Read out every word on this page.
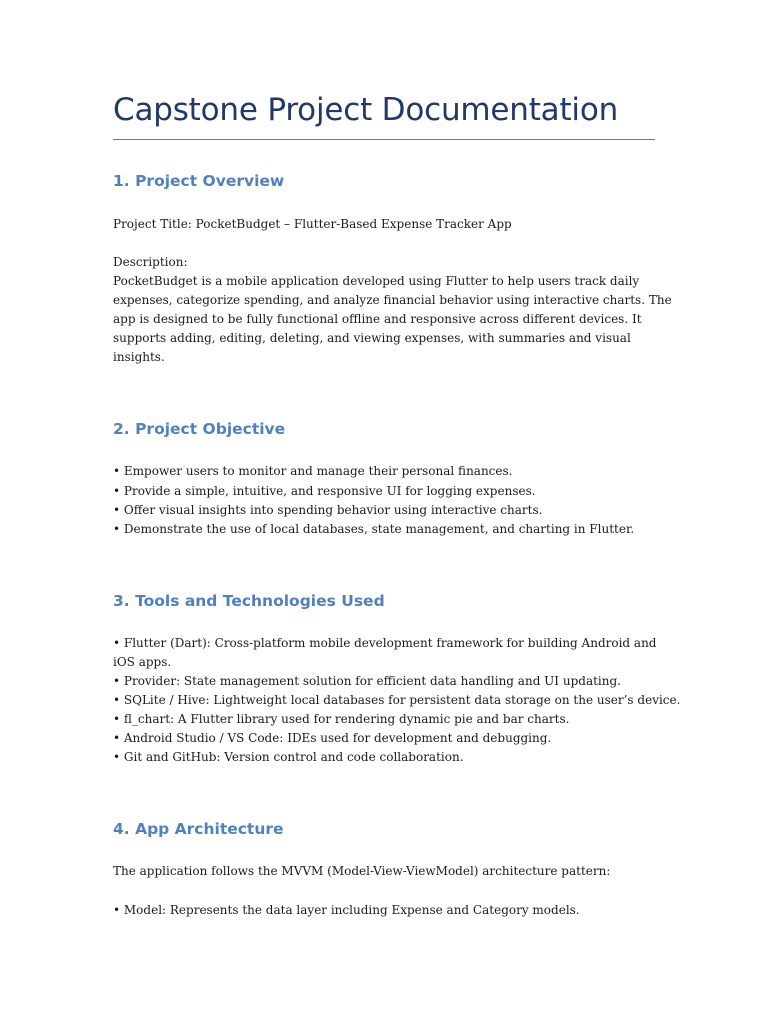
Capstone Project Documentation
1. Project Overview

Project Title: PocketBudget – Flutter-Based Expense Tracker App

Description:

PocketBudget is a mobile application developed using Flutter to help users track daily

expenses, categorize spending, and analyze financial behavior using interactive charts. The

app is designed to be fully functional offline and responsive across different devices. It

supports adding, editing, deleting, and viewing expenses, with summaries and visual

insights.

2. Project Objective

• Empower users to monitor and manage their personal finances.

• Provide a simple, intuitive, and responsive UI for logging expenses.

• Offer visual insights into spending behavior using interactive charts.

• Demonstrate the use of local databases, state management, and charting in Flutter.

3. Tools and Technologies Used

• Flutter (Dart): Cross-platform mobile development framework for building Android and

iOS apps.

• Provider: State management solution for efficient data handling and UI updating.

• SQLite / Hive: Lightweight local databases for persistent data storage on the user’s device.

• fl_chart: A Flutter library used for rendering dynamic pie and bar charts.

• Android Studio / VS Code: IDEs used for development and debugging.

• Git and GitHub: Version control and code collaboration.

4. App Architecture

The application follows the MVVM (Model-View-ViewModel) architecture pattern:

• Model: Represents the data layer including Expense and Category models.
